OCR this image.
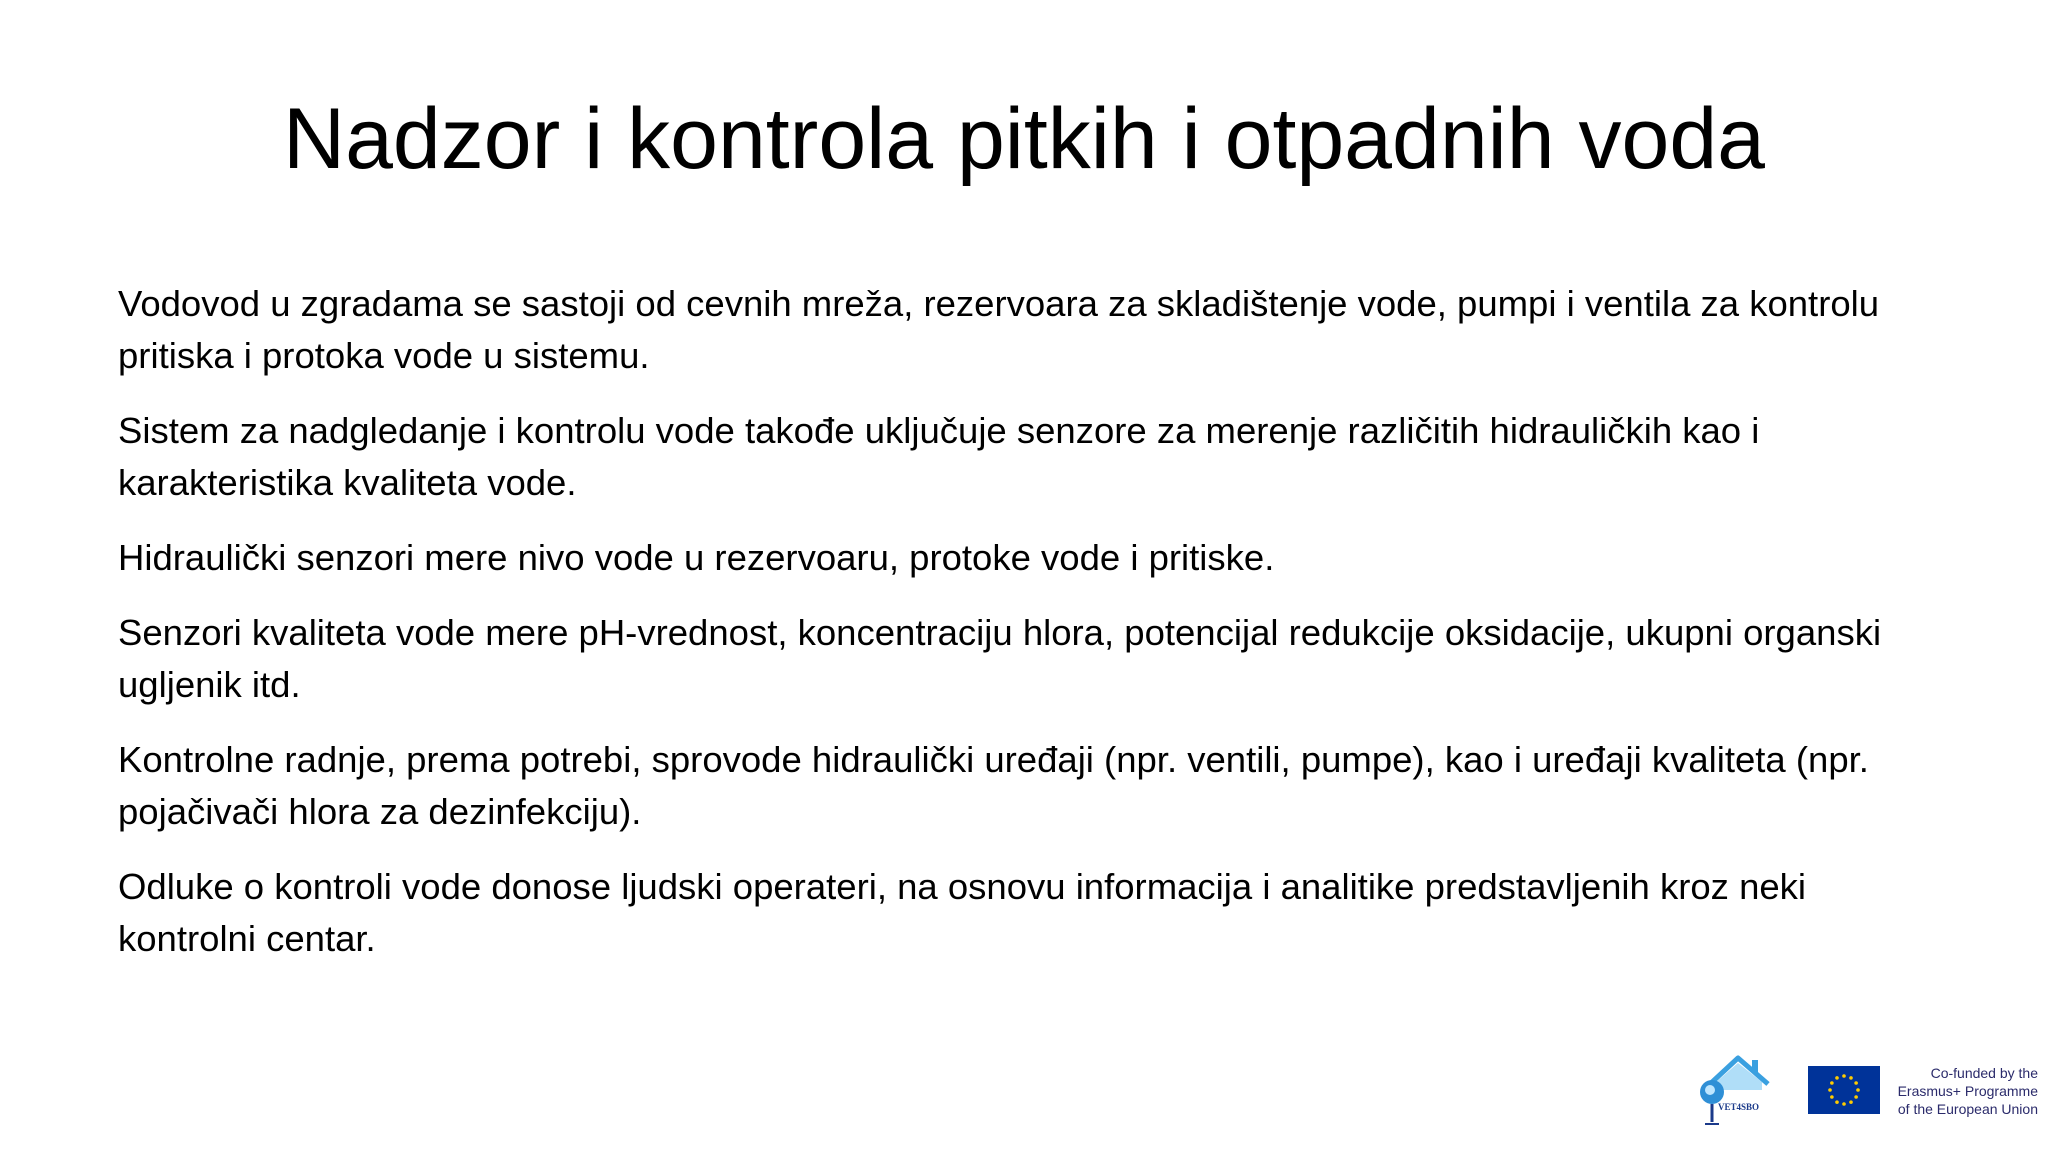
Nadzor i kontrola pitkih i otpadnih voda

Vodovod u zgradama se sastoji od cevnih mreža, rezervoara za skladištenje vode, pumpi i ventila za kontrolu pritiska i protoka vode u sistemu.

Sistem za nadgledanje i kontrolu vode takođe uključuje senzore za merenje različitih hidrauličkih kao i karakteristika kvaliteta vode.

Hidraulički senzori mere nivo vode u rezervoaru, protoke vode i pritiske.

Senzori kvaliteta vode mere pH-vrednost, koncentraciju hlora, potencijal redukcije oksidacije, ukupni organski ugljenik itd.

Kontrolne radnje, prema potrebi, sprovode hidraulički uređaji (npr. ventili, pumpe), kao i uređaji kvaliteta (npr. pojačivači hlora za dezinfekciju).

Odluke o kontroli vode donose ljudski operateri, na osnovu informacija i analitike predstavljenih kroz neki kontrolni centar.

VET4SBO
Co-funded by the
Erasmus+ Programme
of the European Union
